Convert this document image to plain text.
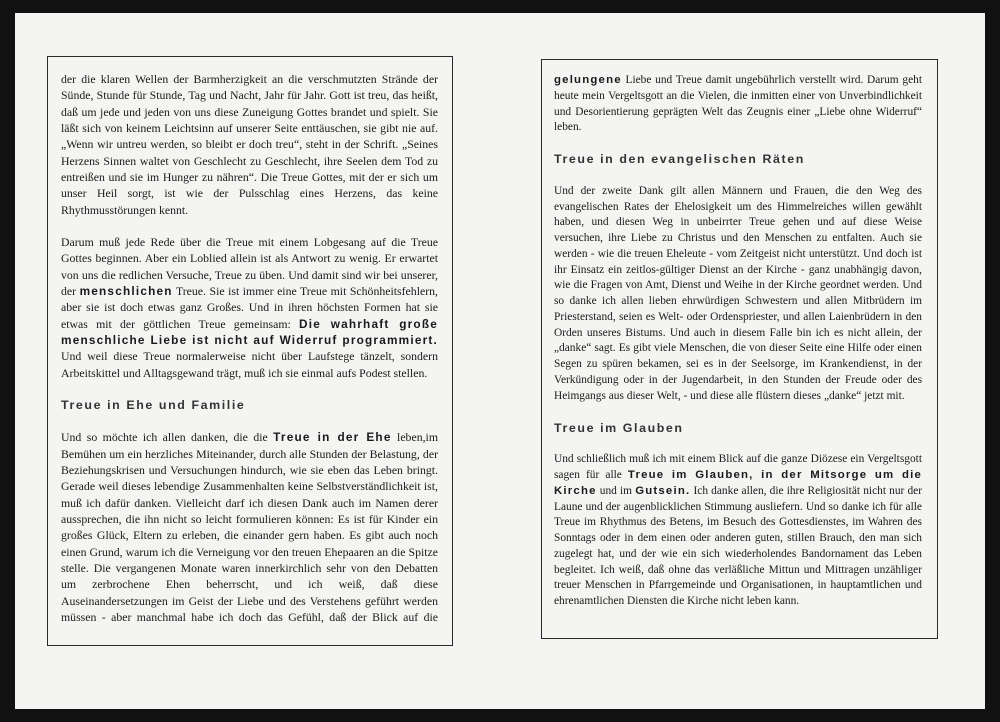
der die klaren Wellen der Barmherzigkeit an die verschmutzten Strände der Sünde, Stunde für Stunde, Tag und Nacht, Jahr für Jahr. Gott ist treu, das heißt, daß um jede und jeden von uns diese Zuneigung Gottes brandet und spielt. Sie läßt sich von keinem Leichtsinn auf unserer Seite enttäuschen, sie gibt nie auf. „Wenn wir untreu werden, so bleibt er doch treu“, steht in der Schrift. „Seines Herzens Sinnen waltet von Geschlecht zu Geschlecht, ihre Seelen dem Tod zu entreißen und sie im Hunger zu nähren“. Die Treue Gottes, mit der er sich um unser Heil sorgt, ist wie der Pulsschlag eines Herzens, das keine Rhythmusstörungen kennt.

Darum muß jede Rede über die Treue mit einem Lobgesang auf die Treue Gottes beginnen. Aber ein Loblied allein ist als Antwort zu wenig. Er erwartet von uns die redlichen Versuche, Treue zu üben. Und damit sind wir bei unserer, der menschlichen Treue. Sie ist immer eine Treue mit Schönheitsfehlern, aber sie ist doch etwas ganz Großes. Und in ihren höchsten Formen hat sie etwas mit der göttlichen Treue gemeinsam: Die wahrhaft große menschliche Liebe ist nicht auf Widerruf programmiert. Und weil diese Treue normalerweise nicht über Laufstege tänzelt, sondern Arbeitskittel und Alltagsgewand trägt, muß ich sie einmal aufs Podest stellen.

Treue in Ehe und Familie

Und so möchte ich allen danken, die die Treue in der Ehe leben,im Bemühen um ein herzliches Miteinander, durch alle Stunden der Belastung, der Beziehungskrisen und Versuchungen hindurch, wie sie eben das Leben bringt. Gerade weil dieses lebendige Zusammenhalten keine Selbstverständlichkeit ist, muß ich dafür danken. Vielleicht darf ich diesen Dank auch im Namen derer aussprechen, die ihn nicht so leicht formulieren können: Es ist für Kinder ein großes Glück, Eltern zu erleben, die einander gern haben. Es gibt auch noch einen Grund, warum ich die Verneigung vor den treuen Ehepaaren an die Spitze stelle. Die vergangenen Monate waren innerkirchlich sehr von den Debatten um zerbrochene Ehen beherrscht, und ich weiß, daß diese Auseinandersetzungen im Geist der Liebe und des Verstehens geführt werden müssen - aber manchmal habe ich doch das Gefühl, daß der Blick auf die

gelungene Liebe und Treue damit ungebührlich verstellt wird. Darum geht heute mein Vergeltsgott an die Vielen, die inmitten einer von Unverbindlichkeit und Desorientierung geprägten Welt das Zeugnis einer „Liebe ohne Widerruf“ leben.

Treue in den evangelischen Räten

Und der zweite Dank gilt allen Männern und Frauen, die den Weg des evangelischen Rates der Ehelosigkeit um des Himmelreiches willen gewählt haben, und diesen Weg in unbeirrter Treue gehen und auf diese Weise versuchen, ihre Liebe zu Christus und den Menschen zu entfalten. Auch sie werden - wie die treuen Eheleute - vom Zeitgeist nicht unterstützt. Und doch ist ihr Einsatz ein zeitlos-gültiger Dienst an der Kirche - ganz unabhängig davon, wie die Fragen von Amt, Dienst und Weihe in der Kirche geordnet werden. Und so danke ich allen lieben ehrwürdigen Schwestern und allen Mitbrüdern im Priesterstand, seien es Welt- oder Ordenspriester, und allen Laienbrüdern in den Orden unseres Bistums. Und auch in diesem Falle bin ich es nicht allein, der „danke“ sagt. Es gibt viele Menschen, die von dieser Seite eine Hilfe oder einen Segen zu spüren bekamen, sei es in der Seelsorge, im Krankendienst, in der Verkündigung oder in der Jugendarbeit, in den Stunden der Freude oder des Heimgangs aus dieser Welt, - und diese alle flüstern dieses „danke“ jetzt mit.

Treue im Glauben

Und schließlich muß ich mit einem Blick auf die ganze Diözese ein Vergeltsgott sagen für alle Treue im Glauben, in der Mitsorge um die Kirche und im Gutsein. Ich danke allen, die ihre Religiosität nicht nur der Laune und der augenblicklichen Stimmung ausliefern. Und so danke ich für alle Treue im Rhythmus des Betens, im Besuch des Gottesdienstes, im Wahren des Sonntags oder in dem einen oder anderen guten, stillen Brauch, den man sich zugelegt hat, und der wie ein sich wiederholendes Bandornament das Leben begleitet. Ich weiß, daß ohne das verläßliche Mittun und Mittragen unzähliger treuer Menschen in Pfarrgemeinde und Organisationen, in hauptamtlichen und ehrenamtlichen Diensten die Kirche nicht leben kann.
